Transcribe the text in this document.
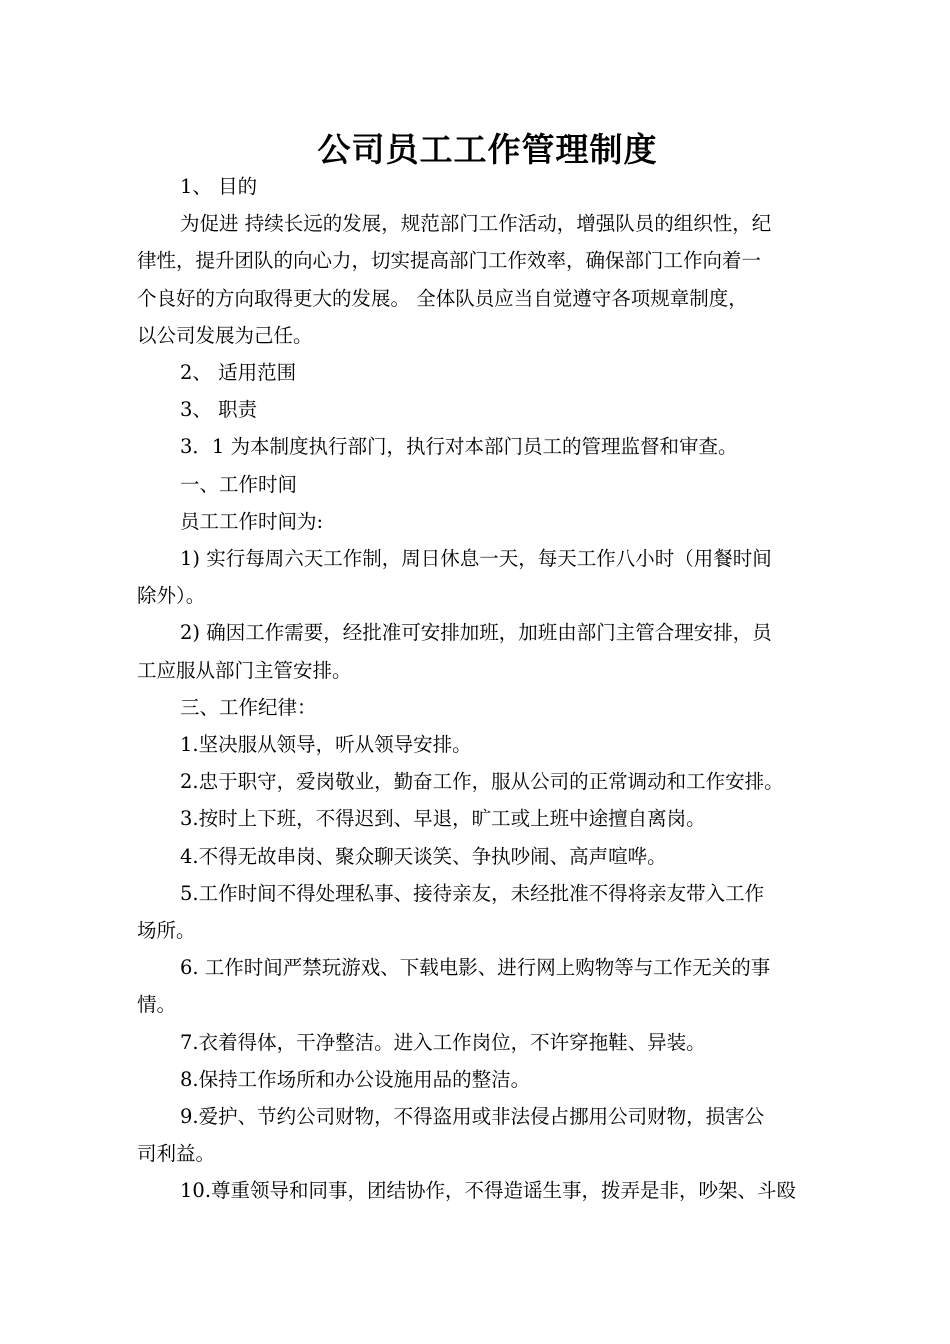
公司员工工作管理制度

1、 目的

为促进 持续长远的发展，规范部门工作活动，增强队员的组织性，纪

律性，提升团队的向心力，切实提高部门工作效率，确保部门工作向着一

个良好的方向取得更大的发展。 全体队员应当自觉遵守各项规章制度，

以公司发展为己任。

2、 适用范围

3、 职责

3．1 为本制度执行部门，执行对本部门员工的管理监督和审查。

一、工作时间

员工工作时间为:

1) 实行每周六天工作制，周日休息一天，每天工作八小时（用餐时间

除外）。

2) 确因工作需要，经批准可安排加班，加班由部门主管合理安排，员

工应服从部门主管安排。

三、工作纪律：

1.坚决服从领导，听从领导安排。

2.忠于职守，爱岗敬业，勤奋工作，服从公司的正常调动和工作安排。

3.按时上下班，不得迟到、早退，旷工或上班中途擅自离岗。

4.不得无故串岗、聚众聊天谈笑、争执吵闹、高声喧哗。

5.工作时间不得处理私事、接待亲友，未经批准不得将亲友带入工作

场所。

6. 工作时间严禁玩游戏、下载电影、进行网上购物等与工作无关的事

情。

7.衣着得体，干净整洁。进入工作岗位，不许穿拖鞋、异装。

8.保持工作场所和办公设施用品的整洁。

9.爱护、节约公司财物，不得盗用或非法侵占挪用公司财物，损害公

司利益。

10.尊重领导和同事，团结协作，不得造谣生事，拨弄是非，吵架、斗殴
